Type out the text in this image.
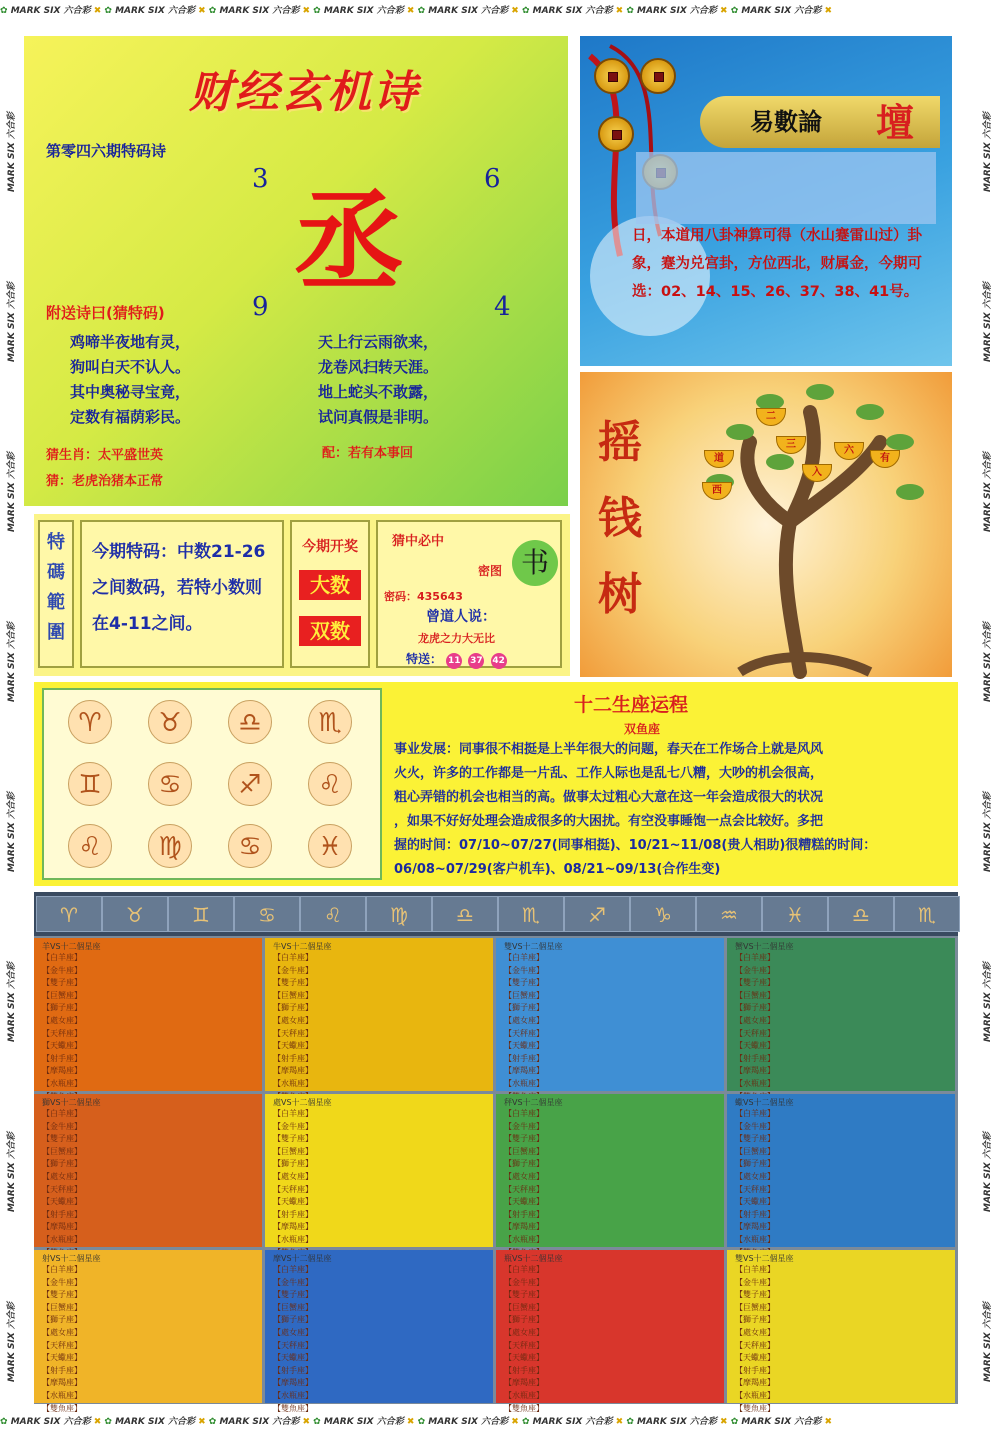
✿ MARK SIX 六合彩 ✖ ✿ MARK SIX 六合彩 ✖ ✿ MARK SIX 六合彩 ✖ ✿ MARK SIX 六合彩 ✖ ✿ MARK SIX 六合彩 ✖ ✿ MARK SIX 六合彩 ✖ ✿ MARK SIX 六合彩 ✖ ✿ MARK SIX 六合彩 ✖
✿ MARK SIX 六合彩 ✖ ✿ MARK SIX 六合彩 ✖ ✿ MARK SIX 六合彩 ✖ ✿ MARK SIX 六合彩 ✖ ✿ MARK SIX 六合彩 ✖ ✿ MARK SIX 六合彩 ✖ ✿ MARK SIX 六合彩 ✖ ✿ MARK SIX 六合彩 ✖
MARK SIX 六合彩
MARK SIX 六合彩
MARK SIX 六合彩
MARK SIX 六合彩
MARK SIX 六合彩
MARK SIX 六合彩
MARK SIX 六合彩
MARK SIX 六合彩
MARK SIX 六合彩
MARK SIX 六合彩
MARK SIX 六合彩
MARK SIX 六合彩
MARK SIX 六合彩
MARK SIX 六合彩
MARK SIX 六合彩
MARK SIX 六合彩
财经玄机诗
第零四六期特码诗
3	6
9	4
丞
附送诗曰(猜特码)
鸡啼半夜地有灵，
狗叫白天不认人。
其中奥秘寻宝竟，
定数有福荫彩民。
天上行云雨欲来，
龙卷风扫转天涯。
地上蛇头不敢露，
试问真假是非明。
猜生肖：太平盛世英
猜：老虎治猪本正常
配：若有本事回
易數論 壇
日，本道用八卦神算可得（水山蹇雷山过）卦象，蹇为兑宫卦，方位西北，财属金，今期可选：02、14、15、26、37、38、41号。
摇
钱
树
二
三
六
有
道
入
西
特
碼
範
圍
今期特码：中数21-26
之间数码，若特小数则
在4-11之间。
今期开奖
大数
双数
猜中必中
密码：435643
密图 书
曾道人说：
龙虎之力大无比
特送： 11 37 42
♈	♉	♎	♏
♊	♋	♐	♌
♌	♍	♋	♓
十二生座运程
双鱼座
事业发展：同事很不相挺是上半年很大的问题，春天在工作场合上就是风风
火火，许多的工作都是一片乱、工作人际也是乱七八糟，大吵的机会很高，
粗心弄错的机会也相当的高。做事太过粗心大意在这一年会造成很大的状况
，如果不好好处理会造成很多的大困扰。有空没事睡饱一点会比较好。多把
握的时间：07/10~07/27(同事相挺)、10/21~11/08(贵人相助)很糟糕的时间：
06/08~07/29(客户机车)、08/21~09/13(合作生变)
♈	♉	♊	♋	♌	♍	♎	♏	♐	♑	♒	♓	♎	♏
羊VS十二個星座
【白羊座】
【金牛座】
【雙子座】
【巨蟹座】
【獅子座】
【處女座】
【天秤座】
【天蠍座】
【射手座】
【摩羯座】
【水瓶座】
牛VS十二個星座
【白羊座】
【金牛座】
【雙子座】
【巨蟹座】
【獅子座】
【處女座】
【天秤座】
【天蠍座】
【射手座】
【摩羯座】
【水瓶座】
雙VS十二個星座
【白羊座】
【金牛座】
【雙子座】
【巨蟹座】
【獅子座】
【處女座】
【天秤座】
【天蠍座】
【射手座】
【摩羯座】
【水瓶座】
蟹VS十二個星座
【白羊座】
【金牛座】
【雙子座】
【巨蟹座】
【獅子座】
【處女座】
【天秤座】
【天蠍座】
【射手座】
【摩羯座】
【水瓶座】
獅VS十二個星座
【白羊座】
【金牛座】
【雙子座】
【巨蟹座】
【獅子座】
【處女座】
【天秤座】
【天蠍座】
【射手座】
【摩羯座】
【水瓶座】
處VS十二個星座
【白羊座】
【金牛座】
【雙子座】
【巨蟹座】
【獅子座】
【處女座】
【天秤座】
【天蠍座】
【射手座】
【摩羯座】
【水瓶座】
秤VS十二個星座
【白羊座】
【金牛座】
【雙子座】
【巨蟹座】
【獅子座】
【處女座】
【天秤座】
【天蠍座】
【射手座】
【摩羯座】
【水瓶座】
蠍VS十二個星座
【白羊座】
【金牛座】
【雙子座】
【巨蟹座】
【獅子座】
【處女座】
【天秤座】
【天蠍座】
【射手座】
【摩羯座】
【水瓶座】
射VS十二個星座
【白羊座】
【金牛座】
【雙子座】
【巨蟹座】
【獅子座】
【處女座】
【天秤座】
【天蠍座】
【射手座】
【摩羯座】
【水瓶座】
【雙魚座】
摩VS十二個星座
【白羊座】
【金牛座】
【雙子座】
【巨蟹座】
【獅子座】
【處女座】
【天秤座】
【天蠍座】
【射手座】
【摩羯座】
【水瓶座】
【雙魚座】
瓶VS十二個星座
【白羊座】
【金牛座】
【雙子座】
【巨蟹座】
【獅子座】
【處女座】
【天秤座】
【天蠍座】
【射手座】
【摩羯座】
【水瓶座】
【雙魚座】
雙VS十二個星座
【白羊座】
【金牛座】
【雙子座】
【巨蟹座】
【獅子座】
【處女座】
【天秤座】
【天蠍座】
【射手座】
【摩羯座】
【水瓶座】
【雙魚座】
